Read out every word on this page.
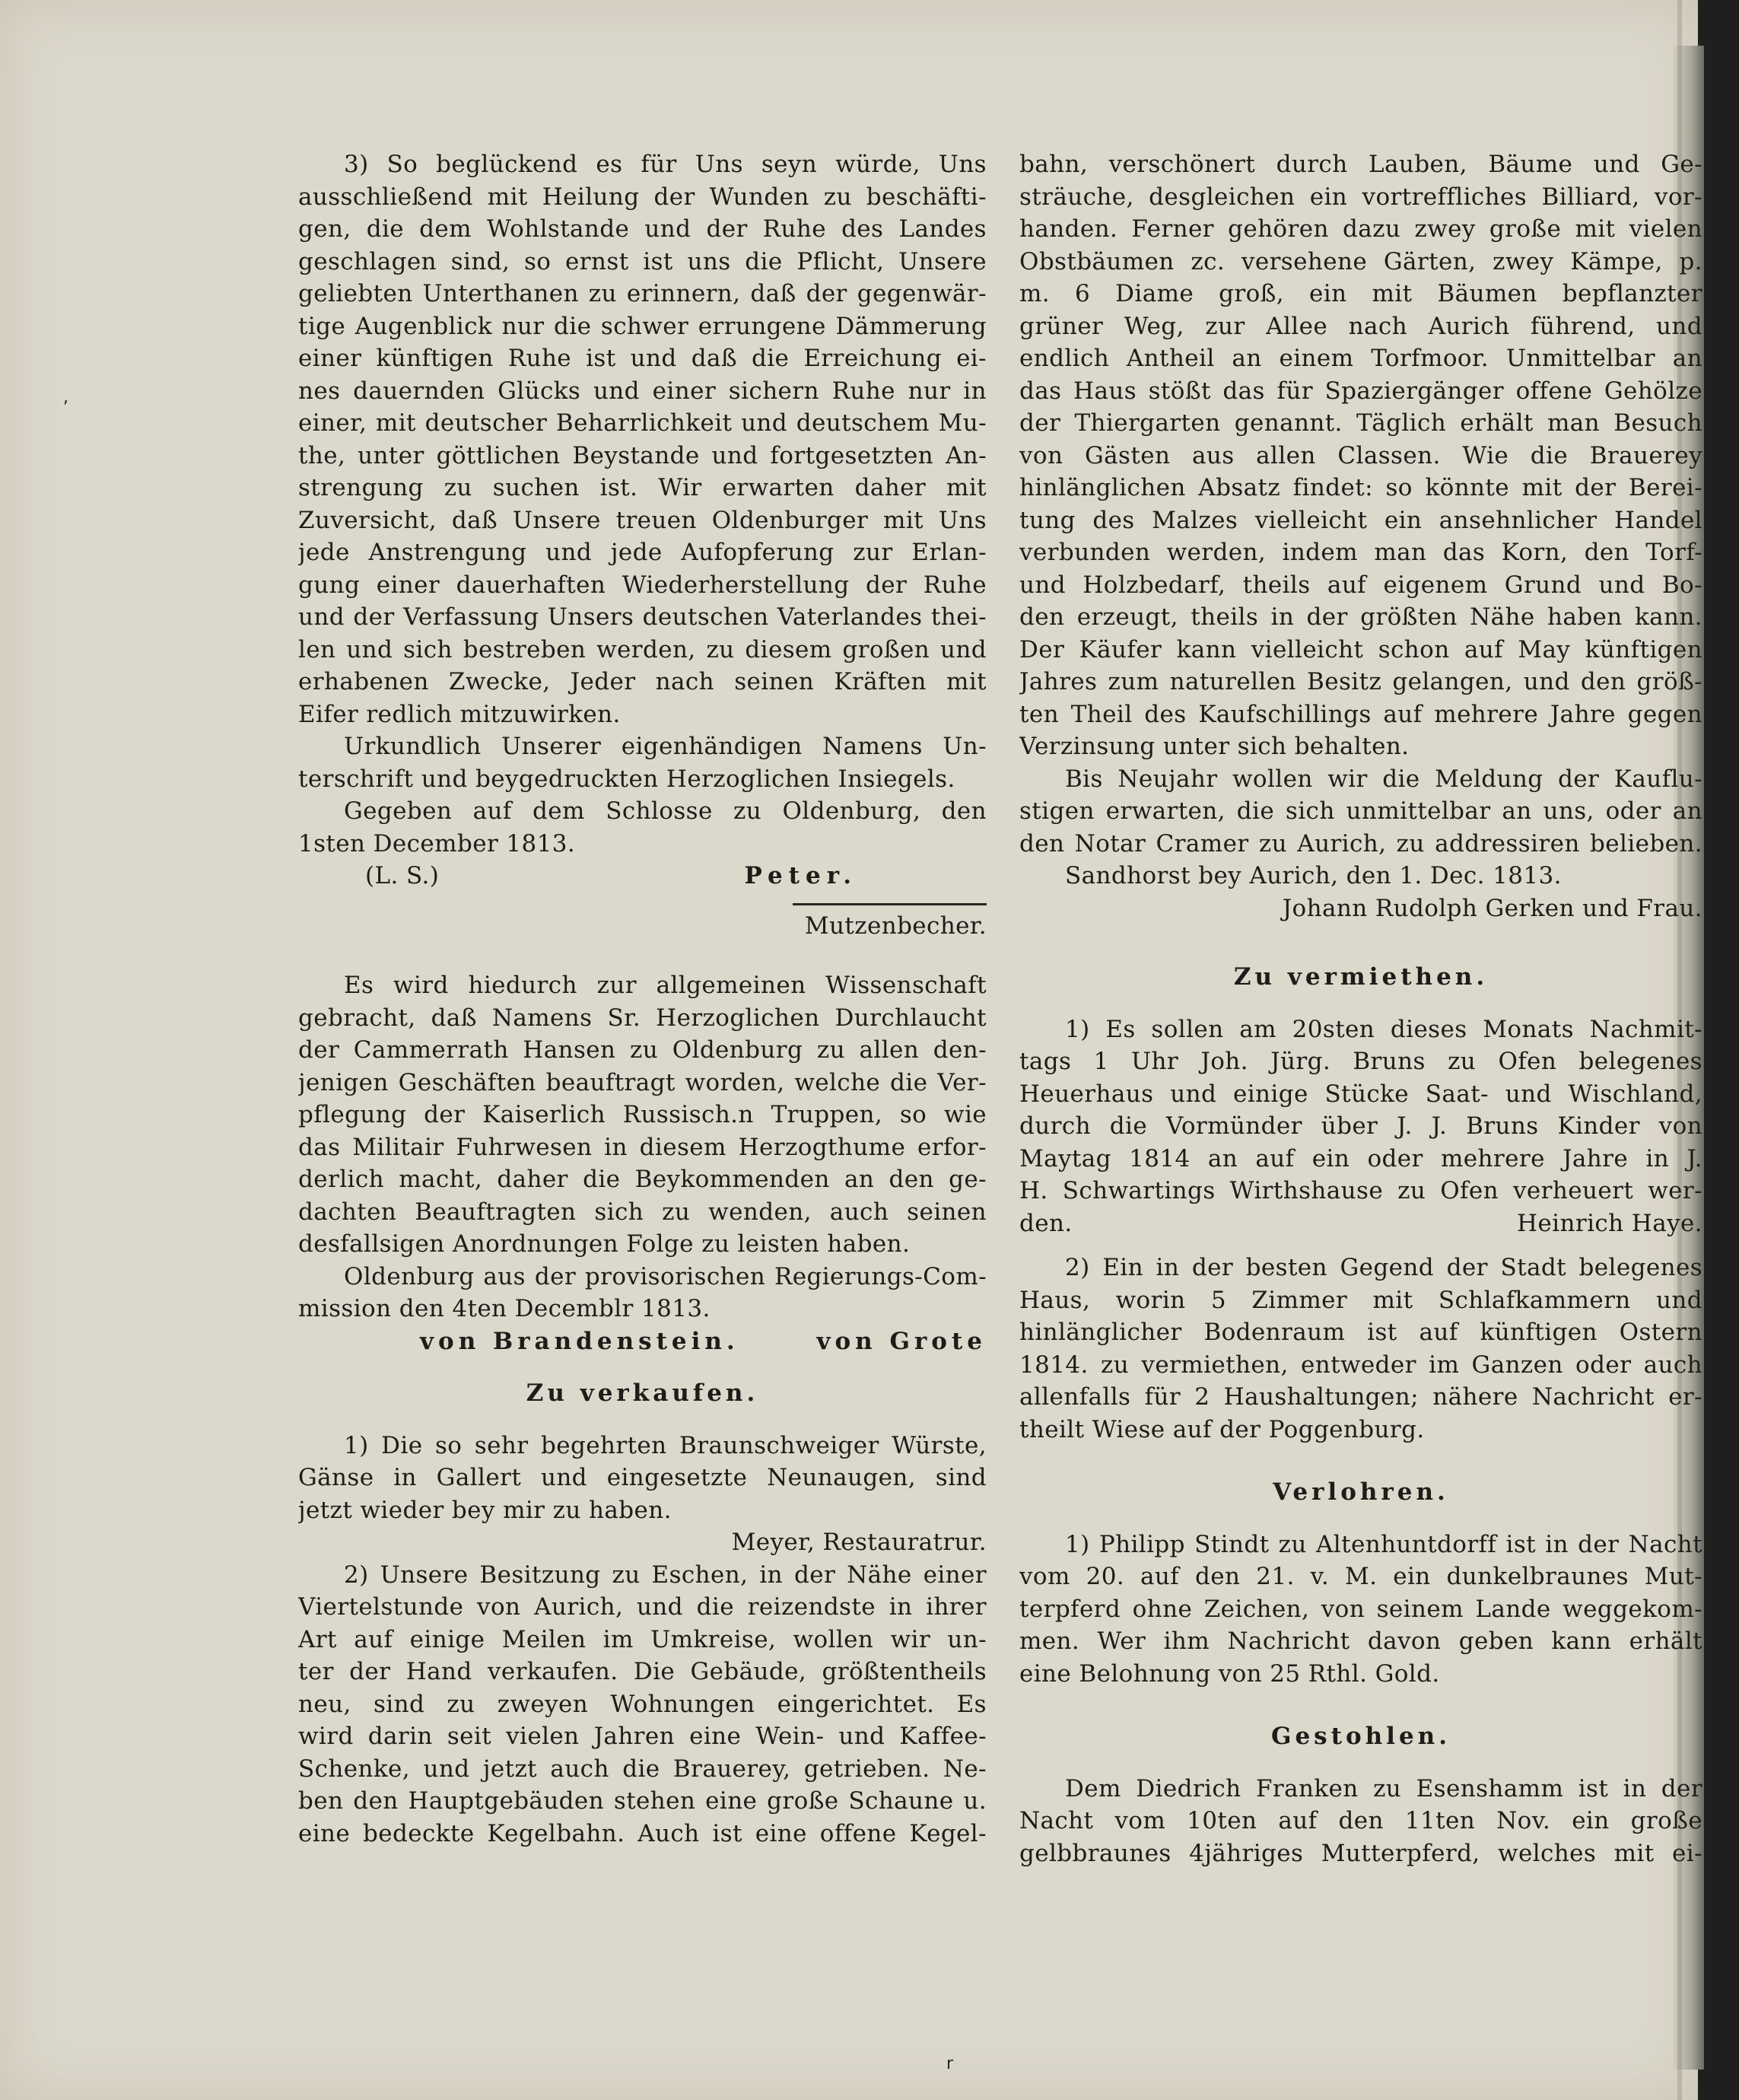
,
r
3) So beglückend es für Uns seyn würde, Uns
ausschließend mit Heilung der Wunden zu beschäfti-
gen, die dem Wohlstande und der Ruhe des Landes
geschlagen sind, so ernst ist uns die Pflicht, Unsere
geliebten Unterthanen zu erinnern, daß der gegenwär-
tige Augenblick nur die schwer errungene Dämmerung
einer künftigen Ruhe ist und daß die Erreichung ei-
nes dauernden Glücks und einer sichern Ruhe nur in
einer, mit deutscher Beharrlichkeit und deutschem Mu-
the, unter göttlichen Beystande und fortgesetzten An-
strengung zu suchen ist. Wir erwarten daher mit
Zuversicht, daß Unsere treuen Oldenburger mit Uns
jede Anstrengung und jede Aufopferung zur Erlan-
gung einer dauerhaften Wiederherstellung der Ruhe
und der Verfassung Unsers deutschen Vaterlandes thei-
len und sich bestreben werden, zu diesem großen und
erhabenen Zwecke, Jeder nach seinen Kräften mit
Eifer redlich mitzuwirken.
Urkundlich Unserer eigenhändigen Namens Un-
terschrift und beygedruckten Herzoglichen Insiegels.
Gegeben auf dem Schlosse zu Oldenburg, den
1sten December 1813.
(L. S.)	Peter.
Mutzenbecher.
Es wird hiedurch zur allgemeinen Wissenschaft
gebracht, daß Namens Sr. Herzoglichen Durchlaucht
der Cammerrath Hansen zu Oldenburg zu allen den-
jenigen Geschäften beauftragt worden, welche die Ver-
pflegung der Kaiserlich Russisch.n Truppen, so wie
das Militair Fuhrwesen in diesem Herzogthume erfor-
derlich macht, daher die Beykommenden an den ge-
dachten Beauftragten sich zu wenden, auch seinen
desfallsigen Anordnungen Folge zu leisten haben.
Oldenburg aus der provisorischen Regierungs-Com-
mission den 4ten Decemblr 1813.
von Brandenstein.	von Grote
Zu verkaufen.
1) Die so sehr begehrten Braunschweiger Würste,
Gänse in Gallert und eingesetzte Neunaugen, sind
jetzt wieder bey mir zu haben.
Meyer, Restauratrur.
2) Unsere Besitzung zu Eschen, in der Nähe einer
Viertelstunde von Aurich, und die reizendste in ihrer
Art auf einige Meilen im Umkreise, wollen wir un-
ter der Hand verkaufen. Die Gebäude, größtentheils
neu, sind zu zweyen Wohnungen eingerichtet. Es
wird darin seit vielen Jahren eine Wein- und Kaffee-
Schenke, und jetzt auch die Brauerey, getrieben. Ne-
ben den Hauptgebäuden stehen eine große Schaune u.
eine bedeckte Kegelbahn. Auch ist eine offene Kegel-
bahn, verschönert durch Lauben, Bäume und Ge-
sträuche, desgleichen ein vortreffliches Billiard, vor-
handen. Ferner gehören dazu zwey große mit vielen
Obstbäumen zc. versehene Gärten, zwey Kämpe, p.
m. 6 Diame groß, ein mit Bäumen bepflanzter
grüner Weg, zur Allee nach Aurich führend, und
endlich Antheil an einem Torfmoor. Unmittelbar an
das Haus stößt das für Spaziergänger offene Gehölze
der Thiergarten genannt. Täglich erhält man Besuch
von Gästen aus allen Classen. Wie die Brauerey
hinlänglichen Absatz findet: so könnte mit der Berei-
tung des Malzes vielleicht ein ansehnlicher Handel
verbunden werden, indem man das Korn, den Torf-
und Holzbedarf, theils auf eigenem Grund und Bo-
den erzeugt, theils in der größten Nähe haben kann.
Der Käufer kann vielleicht schon auf May künftigen
Jahres zum naturellen Besitz gelangen, und den größ-
ten Theil des Kaufschillings auf mehrere Jahre gegen
Verzinsung unter sich behalten.
Bis Neujahr wollen wir die Meldung der Kauflu-
stigen erwarten, die sich unmittelbar an uns, oder an
den Notar Cramer zu Aurich, zu addressiren belieben.
Sandhorst bey Aurich, den 1. Dec. 1813.
Johann Rudolph Gerken und Frau.
Zu vermiethen.
1) Es sollen am 20sten dieses Monats Nachmit-
tags 1 Uhr Joh. Jürg. Bruns zu Ofen belegenes
Heuerhaus und einige Stücke Saat- und Wischland,
durch die Vormünder über J. J. Bruns Kinder von
Maytag 1814 an auf ein oder mehrere Jahre in J.
H. Schwartings Wirthshause zu Ofen verheuert wer-
den.	Heinrich Haye.
2) Ein in der besten Gegend der Stadt belegenes
Haus, worin 5 Zimmer mit Schlafkammern und
hinlänglicher Bodenraum ist auf künftigen Ostern
1814. zu vermiethen, entweder im Ganzen oder auch
allenfalls für 2 Haushaltungen; nähere Nachricht er-
theilt Wiese auf der Poggenburg.
Verlohren.
1) Philipp Stindt zu Altenhuntdorff ist in der Nacht
vom 20. auf den 21. v. M. ein dunkelbraunes Mut-
terpferd ohne Zeichen, von seinem Lande weggekom-
men. Wer ihm Nachricht davon geben kann erhält
eine Belohnung von 25 Rthl. Gold.
Gestohlen.
Dem Diedrich Franken zu Esenshamm ist in der
Nacht vom 10ten auf den 11ten Nov. ein große
gelbbraunes 4jähriges Mutterpferd, welches mit ei-
